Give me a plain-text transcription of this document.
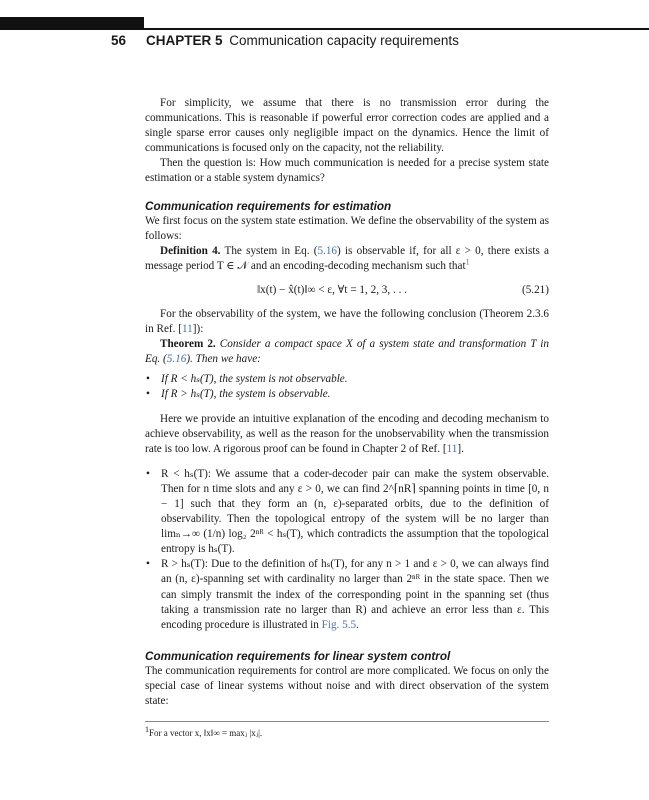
56 CHAPTER 5 Communication capacity requirements

For simplicity, we assume that there is no transmission error during the communications. This is reasonable if powerful error correction codes are applied and a single sparse error causes only negligible impact on the dynamics. Hence the limit of communications is focused only on the capacity, not the reliability.

Then the question is: How much communication is needed for a precise system state estimation or a stable system dynamics?

Communication requirements for estimation

We first focus on the system state estimation. We define the observability of the system as follows:

Definition 4. The system in Eq. (5.16) is observable if, for all ε > 0, there exists a message period T ∈ 𝒩 and an encoding-decoding mechanism such that$^1$

‖x(t) − x̂(t)‖∞ < ε, ∀t = 1, 2, 3, . . .	(5.21)

For the observability of the system, we have the following conclusion (Theorem 2.3.6 in Ref. [11]):

Theorem 2. Consider a compact space X of a system state and transformation T in Eq. (5.16). Then we have:

• If R < hₛ(T), the system is not observable.
• If R > hₛ(T), the system is observable.

Here we provide an intuitive explanation of the encoding and decoding mechanism to achieve observability, as well as the reason for the unobservability when the transmission rate is too low. A rigorous proof can be found in Chapter 2 of Ref. [11].

• R < hₛ(T): We assume that a coder-decoder pair can make the system observable. Then for n time slots and any ε > 0, we can find 2^⌈nR⌉ spanning points in time [0, n − 1] such that they form an (n, ε)-separated orbits, due to the definition of observability. Then the topological entropy of the system will be no larger than limₙ→∞ (1/n) log₂ 2ⁿᴿ < hₛ(T), which contradicts the assumption that the topological entropy is hₛ(T).
• R > hₛ(T): Due to the definition of hₛ(T), for any n > 1 and ε > 0, we can always find an (n, ε)-spanning set with cardinality no larger than 2ⁿᴿ in the state space. Then we can simply transmit the index of the corresponding point in the spanning set (thus taking a transmission rate no larger than R) and achieve an error less than ε. This encoding procedure is illustrated in Fig. 5.5.
Communication requirements for linear system control

The communication requirements for control are more complicated. We focus on only the special case of linear systems without noise and with direct observation of the system state:

$^1$For a vector x, ‖x‖∞ = maxⱼ |xⱼ|.
